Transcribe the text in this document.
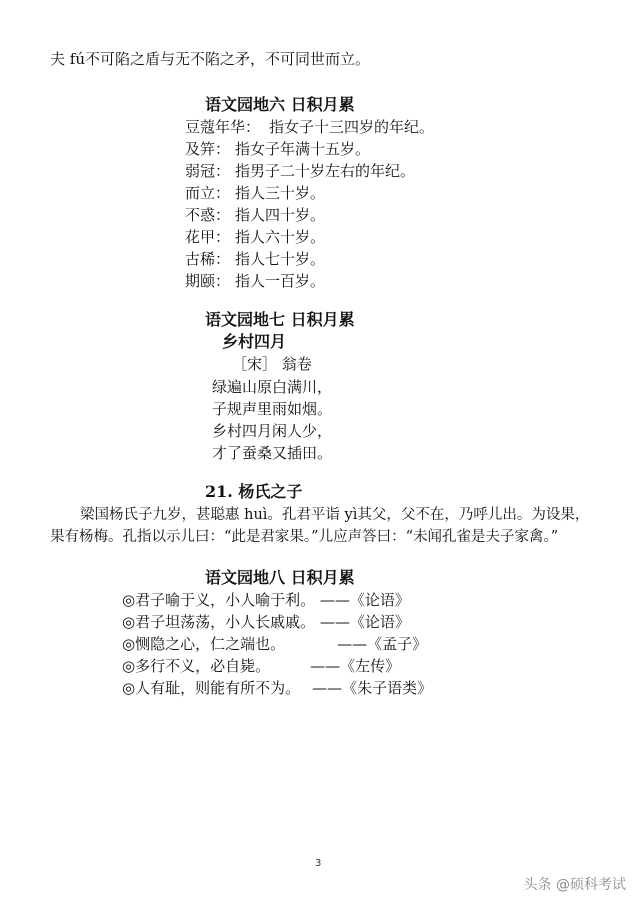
夫 fú不可陷之盾与无不陷之矛，不可同世而立。
语文园地六 日积月累
豆蔻年华： 指女子十三四岁的年纪。
及笄： 指女子年满十五岁。
弱冠： 指男子二十岁左右的年纪。
而立： 指人三十岁。
不惑： 指人四十岁。
花甲： 指人六十岁。
古稀： 指人七十岁。
期颐： 指人一百岁。
语文园地七 日积月累
乡村四月
［宋］ 翁卷
绿遍山原白满川，
子规声里雨如烟。
乡村四月闲人少，
才了蚕桑又插田。
21. 杨氏之子
梁国杨氏子九岁，甚聪惠 huì。孔君平诣 yì其父，父不在，乃呼儿出。为设果，
果有杨梅。孔指以示儿曰：“此是君家果。”儿应声答曰：“未闻孔雀是夫子家禽。”
语文园地八 日积月累
◎君子喻于义，小人喻于利。 ——《论语》
◎君子坦荡荡，小人长戚戚。 ——《论语》
◎恻隐之心，仁之端也。	——《孟子》
◎多行不义，必自毙。	——《左传》
◎人有耻，则能有所不为。 ——《朱子语类》
3
头条 @硕科考试
